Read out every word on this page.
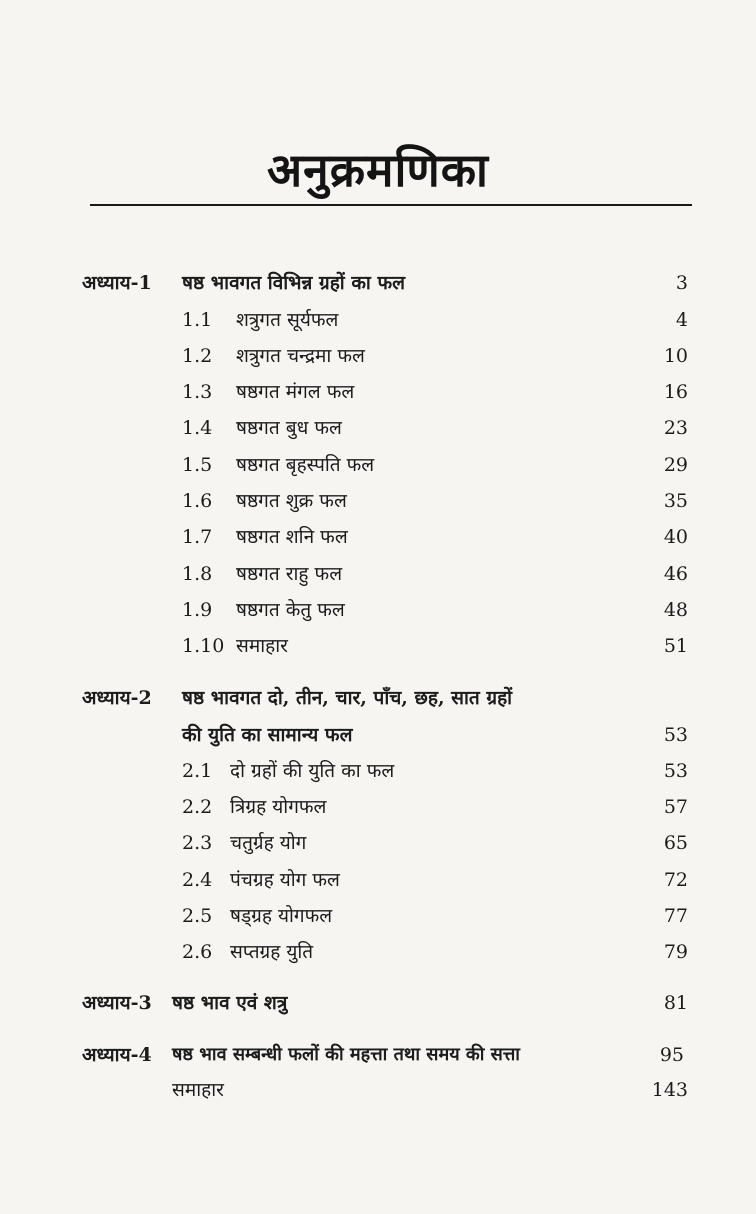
अनुक्रमणिका
अध्याय-1 षष्ठ भावगत विभिन्न ग्रहों का फल	3
1.1 शत्रुगत सूर्यफल	4
1.2 शत्रुगत चन्द्रमा फल	10
1.3 षष्ठगत मंगल फल	16
1.4 षष्ठगत बुध फल	23
1.5 षष्ठगत बृहस्पति फल	29
1.6 षष्ठगत शुक्र फल	35
1.7 षष्ठगत शनि फल	40
1.8 षष्ठगत राहु फल	46
1.9 षष्ठगत केतु फल	48
1.10 समाहार	51
अध्याय-2 षष्ठ भावगत दो, तीन, चार, पाँच, छह, सात ग्रहों
की युति का सामान्य फल	53
2.1 दो ग्रहों की युति का फल	53
2.2 त्रिग्रह योगफल	57
2.3 चतुर्ग्रह योग	65
2.4 पंचग्रह योग फल	72
2.5 षड्ग्रह योगफल	77
2.6 सप्तग्रह युति	79
अध्याय-3 षष्ठ भाव एवं शत्रु	81
अध्याय-4 षष्ठ भाव सम्बन्धी फलों की महत्ता तथा समय की सत्ता	95
समाहार	143
